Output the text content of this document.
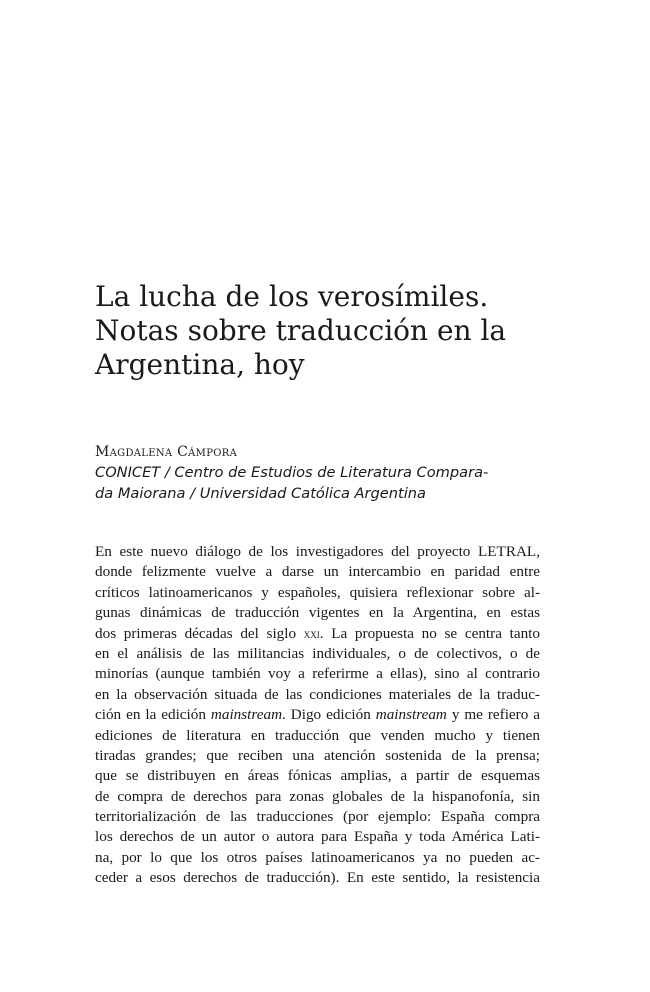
La lucha de los verosímiles.
Notas sobre traducción en la
Argentina, hoy

Magdalena Cámpora

CONICET / Centro de Estudios de Literatura Compara-
da Maiorana / Universidad Católica Argentina

En este nuevo diálogo de los investigadores del proyecto LETRAL,
donde felizmente vuelve a darse un intercambio en paridad entre
críticos latinoamericanos y españoles, quisiera reflexionar sobre al-
gunas dinámicas de traducción vigentes en la Argentina, en estas
dos primeras décadas del siglo xxi. La propuesta no se centra tanto
en el análisis de las militancias individuales, o de colectivos, o de
minorías (aunque también voy a referirme a ellas), sino al contrario
en la observación situada de las condiciones materiales de la traduc-
ción en la edición mainstream. Digo edición mainstream y me refiero a
ediciones de literatura en traducción que venden mucho y tienen
tiradas grandes; que reciben una atención sostenida de la prensa;
que se distribuyen en áreas fónicas amplias, a partir de esquemas
de compra de derechos para zonas globales de la hispanofonía, sin
territorialización de las traducciones (por ejemplo: España compra
los derechos de un autor o autora para España y toda América Lati-
na, por lo que los otros países latinoamericanos ya no pueden ac-
ceder a esos derechos de traducción). En este sentido, la resistencia
